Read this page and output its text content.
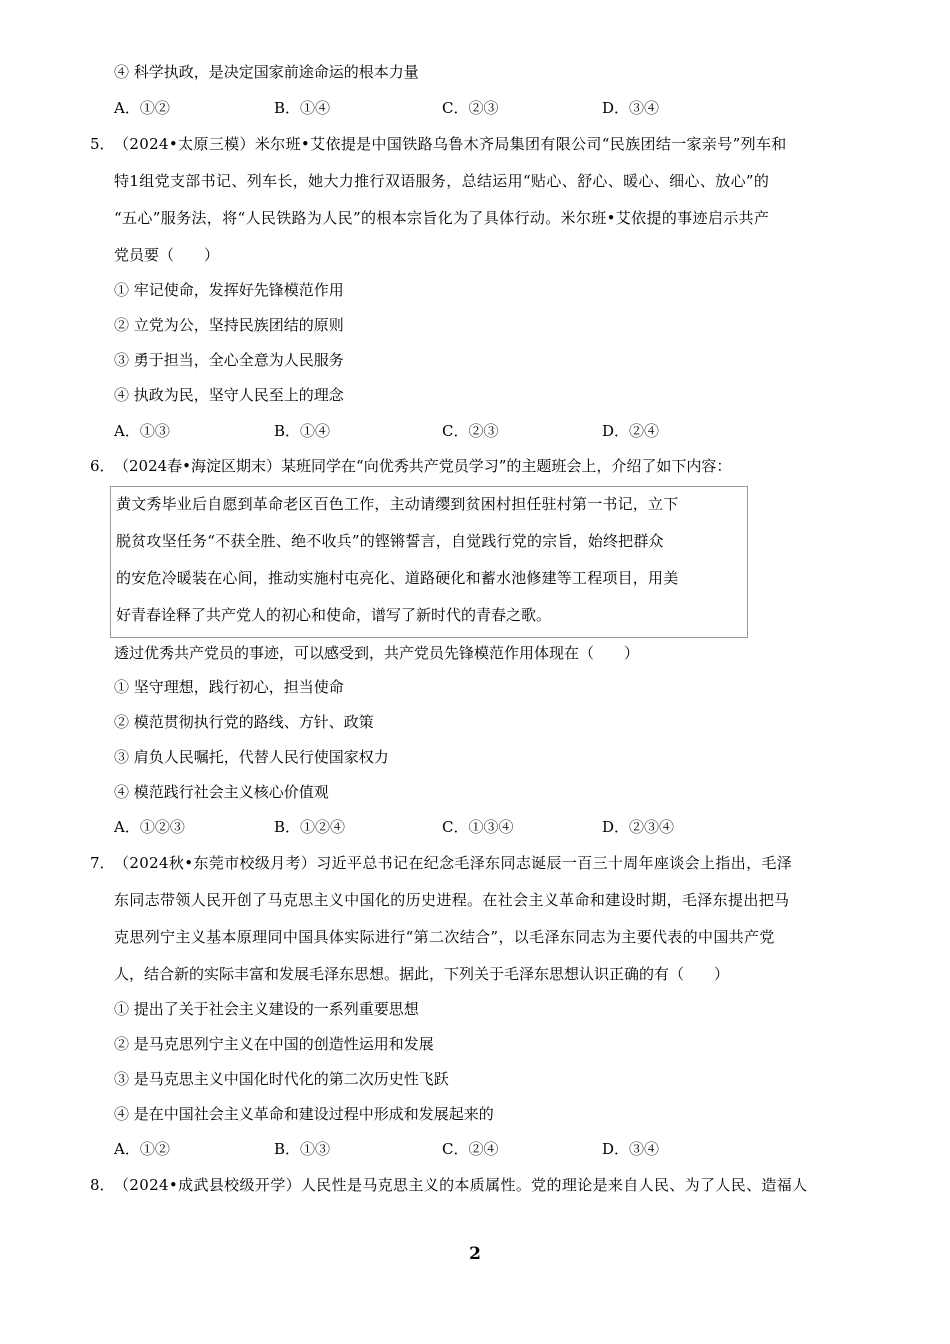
④ 科学执政，是决定国家前途命运的根本力量
A．①②	B．①④	C．②③	D．③④
5． （2024•太原三模）米尔班•艾依提是中国铁路乌鲁木齐局集团有限公司“民族团结一家亲号”列车和
特1组党支部书记、列车长，她大力推行双语服务，总结运用“贴心、舒心、暖心、细心、放心”的
“五心”服务法，将“人民铁路为人民”的根本宗旨化为了具体行动。米尔班•艾依提的事迹启示共产
党员要（　　）
① 牢记使命，发挥好先锋模范作用
② 立党为公，坚持民族团结的原则
③ 勇于担当，全心全意为人民服务
④ 执政为民，坚守人民至上的理念
A．①③	B．①④	C．②③	D．②④
6． （2024春•海淀区期末）某班同学在“向优秀共产党员学习”的主题班会上，介绍了如下内容：
黄文秀毕业后自愿到革命老区百色工作，主动请缨到贫困村担任驻村第一书记，立下
脱贫攻坚任务“不获全胜、绝不收兵”的铿锵誓言，自觉践行党的宗旨，始终把群众
的安危冷暖装在心间，推动实施村屯亮化、道路硬化和蓄水池修建等工程项目，用美
好青春诠释了共产党人的初心和使命，谱写了新时代的青春之歌。
透过优秀共产党员的事迹，可以感受到，共产党员先锋模范作用体现在（　　）
① 坚守理想，践行初心，担当使命
② 模范贯彻执行党的路线、方针、政策
③ 肩负人民嘱托，代替人民行使国家权力
④ 模范践行社会主义核心价值观
A．①②③	B．①②④	C．①③④	D．②③④
7． （2024秋•东莞市校级月考）习近平总书记在纪念毛泽东同志诞辰一百三十周年座谈会上指出，毛泽
东同志带领人民开创了马克思主义中国化的历史进程。在社会主义革命和建设时期，毛泽东提出把马
克思列宁主义基本原理同中国具体实际进行“第二次结合”，以毛泽东同志为主要代表的中国共产党
人，结合新的实际丰富和发展毛泽东思想。据此，下列关于毛泽东思想认识正确的有（　　）
① 提出了关于社会主义建设的一系列重要思想
② 是马克思列宁主义在中国的创造性运用和发展
③ 是马克思主义中国化时代化的第二次历史性飞跃
④ 是在中国社会主义革命和建设过程中形成和发展起来的
A．①②	B．①③	C．②④	D．③④
8． （2024•成武县校级开学）人民性是马克思主义的本质属性。党的理论是来自人民、为了人民、造福人
2
